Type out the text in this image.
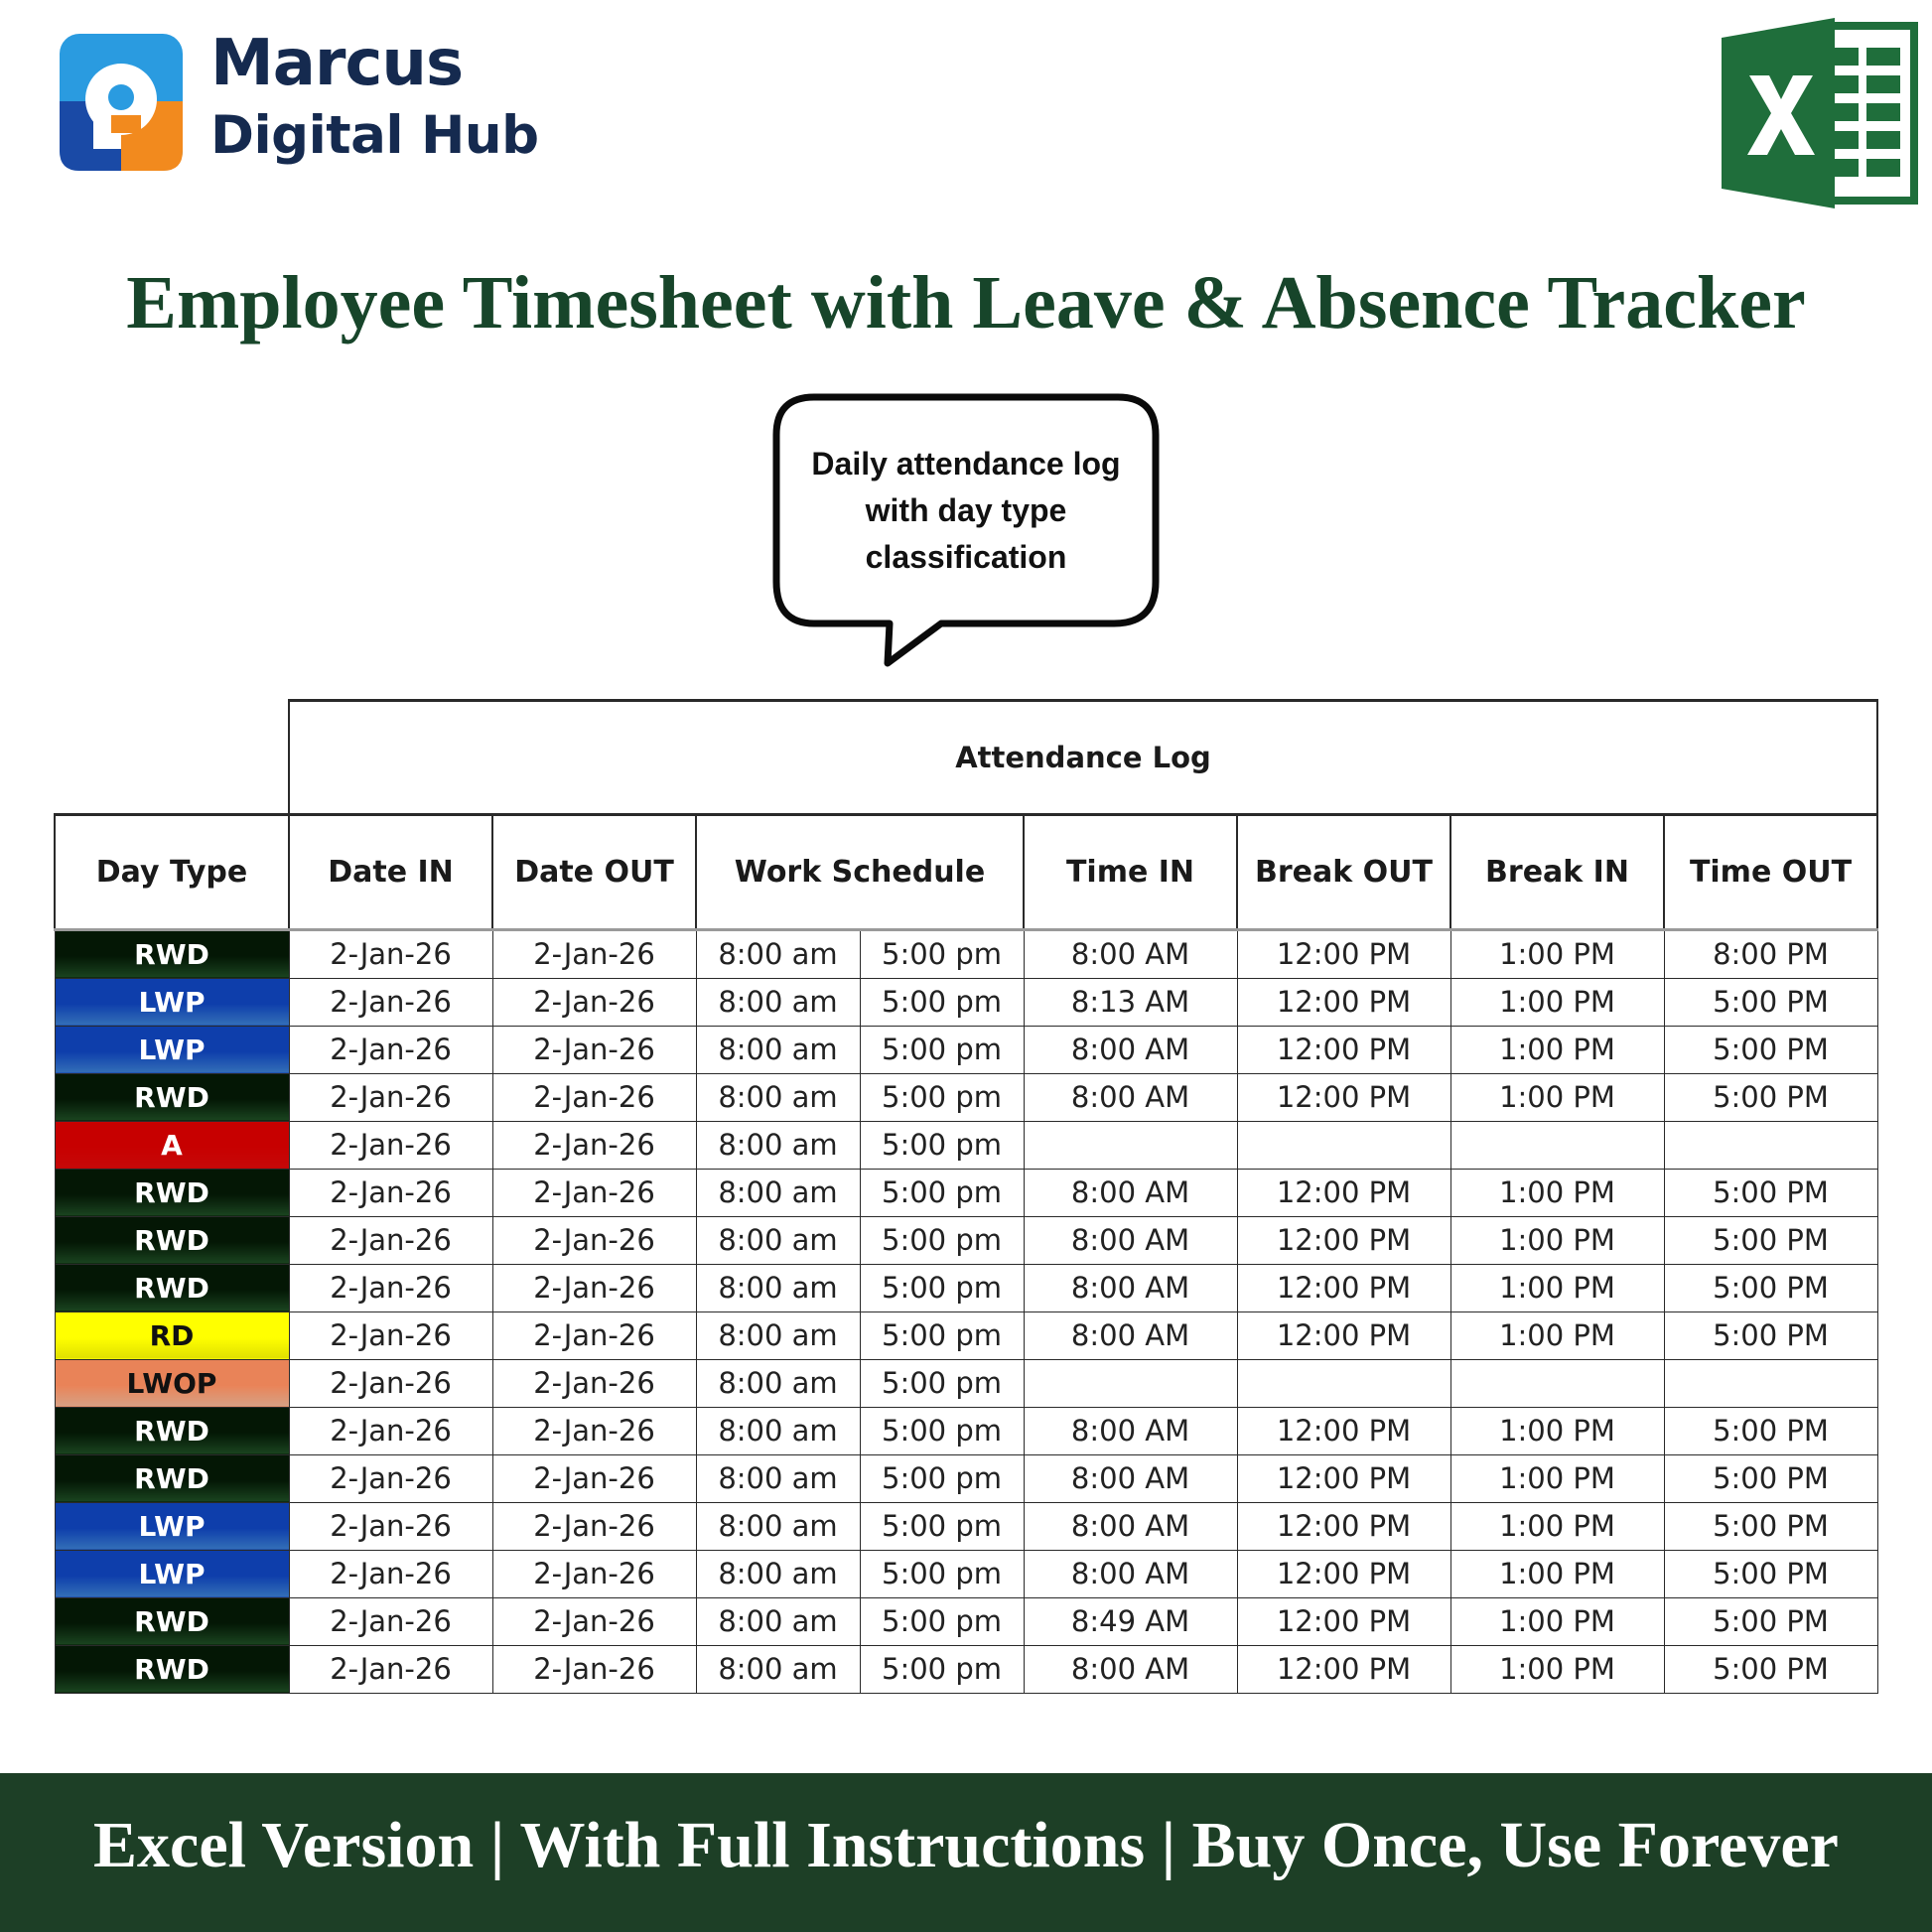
Marcus
Digital Hub
Employee Timesheet with Leave & Absence Tracker
Daily attendance log
with day type
classification
	Attendance Log							
Day Type	Date IN	Date OUT	Work Schedule		Time IN	Break OUT	Break IN	Time OUT
RWD	2-Jan-26	2-Jan-26	8:00 am	5:00 pm	8:00 AM	12:00 PM	1:00 PM	8:00 PM
LWP	2-Jan-26	2-Jan-26	8:00 am	5:00 pm	8:13 AM	12:00 PM	1:00 PM	5:00 PM
LWP	2-Jan-26	2-Jan-26	8:00 am	5:00 pm	8:00 AM	12:00 PM	1:00 PM	5:00 PM
RWD	2-Jan-26	2-Jan-26	8:00 am	5:00 pm	8:00 AM	12:00 PM	1:00 PM	5:00 PM
A	2-Jan-26	2-Jan-26	8:00 am	5:00 pm				
RWD	2-Jan-26	2-Jan-26	8:00 am	5:00 pm	8:00 AM	12:00 PM	1:00 PM	5:00 PM
RWD	2-Jan-26	2-Jan-26	8:00 am	5:00 pm	8:00 AM	12:00 PM	1:00 PM	5:00 PM
RWD	2-Jan-26	2-Jan-26	8:00 am	5:00 pm	8:00 AM	12:00 PM	1:00 PM	5:00 PM
RD	2-Jan-26	2-Jan-26	8:00 am	5:00 pm	8:00 AM	12:00 PM	1:00 PM	5:00 PM
LWOP	2-Jan-26	2-Jan-26	8:00 am	5:00 pm				
RWD	2-Jan-26	2-Jan-26	8:00 am	5:00 pm	8:00 AM	12:00 PM	1:00 PM	5:00 PM
RWD	2-Jan-26	2-Jan-26	8:00 am	5:00 pm	8:00 AM	12:00 PM	1:00 PM	5:00 PM
LWP	2-Jan-26	2-Jan-26	8:00 am	5:00 pm	8:00 AM	12:00 PM	1:00 PM	5:00 PM
LWP	2-Jan-26	2-Jan-26	8:00 am	5:00 pm	8:00 AM	12:00 PM	1:00 PM	5:00 PM
RWD	2-Jan-26	2-Jan-26	8:00 am	5:00 pm	8:49 AM	12:00 PM	1:00 PM	5:00 PM
RWD	2-Jan-26	2-Jan-26	8:00 am	5:00 pm	8:00 AM	12:00 PM	1:00 PM	5:00 PM
Excel Version | With Full Instructions | Buy Once, Use Forever
